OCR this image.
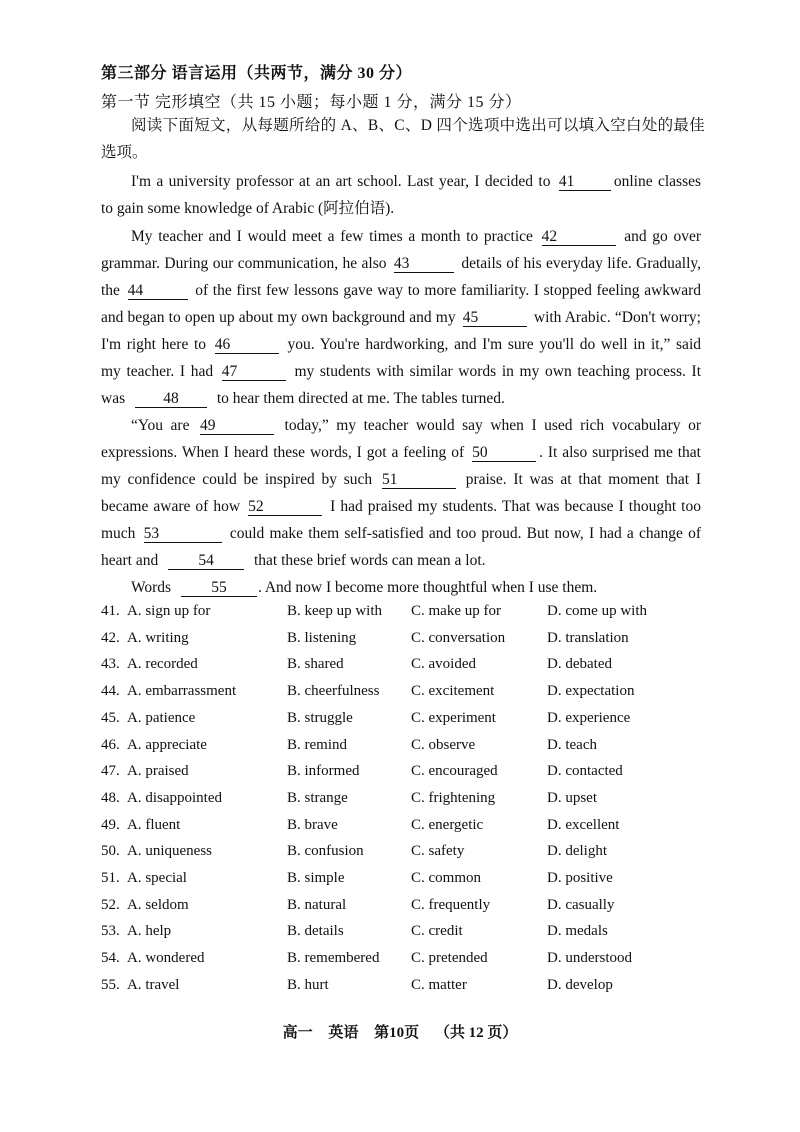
第三部分 语言运用（共两节，满分 30 分）
第一节 完形填空（共 15 小题；每小题 1 分，满分 15 分）
阅读下面短文，从每题所给的 A、B、C、D 四个选项中选出可以填入空白处的最佳
选项。
I'm a university professor at an art school. Last year, I decided to 41	online classes
to gain some knowledge of Arabic (阿拉伯语).
My teacher and I would meet a few times a month to practice 42	and go over
grammar. During our communication, he also 43	details of his everyday life. Gradually,
the 44	of the first few lessons gave way to more familiarity. I stopped feeling awkward
and began to open up about my own background and my 45	with Arabic. “Don't worry;
I'm right here to 46	you. You're hardworking, and I'm sure you'll do well in it,” said
my teacher. I had 47	my students with similar words in my own teaching process. It
was 48 to hear them directed at me. The tables turned.
“You are 49	today,” my teacher would say when I used rich vocabulary or
expressions. When I heard these words, I got a feeling of 50	. It also surprised me that
my confidence could be inspired by such 51	praise. It was at that moment that I
became aware of how 52	I had praised my students. That was because I thought too
much 53	could make them self-satisfied and too proud. But now, I had a change of
heart and	54	that these brief words can mean a lot.
Words	55 . And now I become more thoughtful when I use them.
41. A. sign up for	B. keep up with C. make up for	D. come up with
42. A. writing	B. listening	C. conversation	D. translation
43. A. recorded	B. shared	C. avoided	D. debated
44. A. embarrassment	B. cheerfulness C. excitement	D. expectation
45. A. patience	B. struggle	C. experiment	D. experience
46. A. appreciate	B. remind	C. observe	D. teach
47. A. praised	B. informed	C. encouraged	D. contacted
48. A. disappointed	B. strange	C. frightening	D. upset
49. A. fluent	B. brave	C. energetic	D. excellent
50. A. uniqueness	B. confusion	C. safety	D. delight
51. A. special	B. simple	C. common	D. positive
52. A. seldom	B. natural	C. frequently	D. casually
53. A. help	B. details	C. credit	D. medals
54. A. wondered	B. remembered C. pretended	D. understood
55. A. travel	B. hurt	C. matter	D. develop
高一 英语 第10页 （共 12 页）
